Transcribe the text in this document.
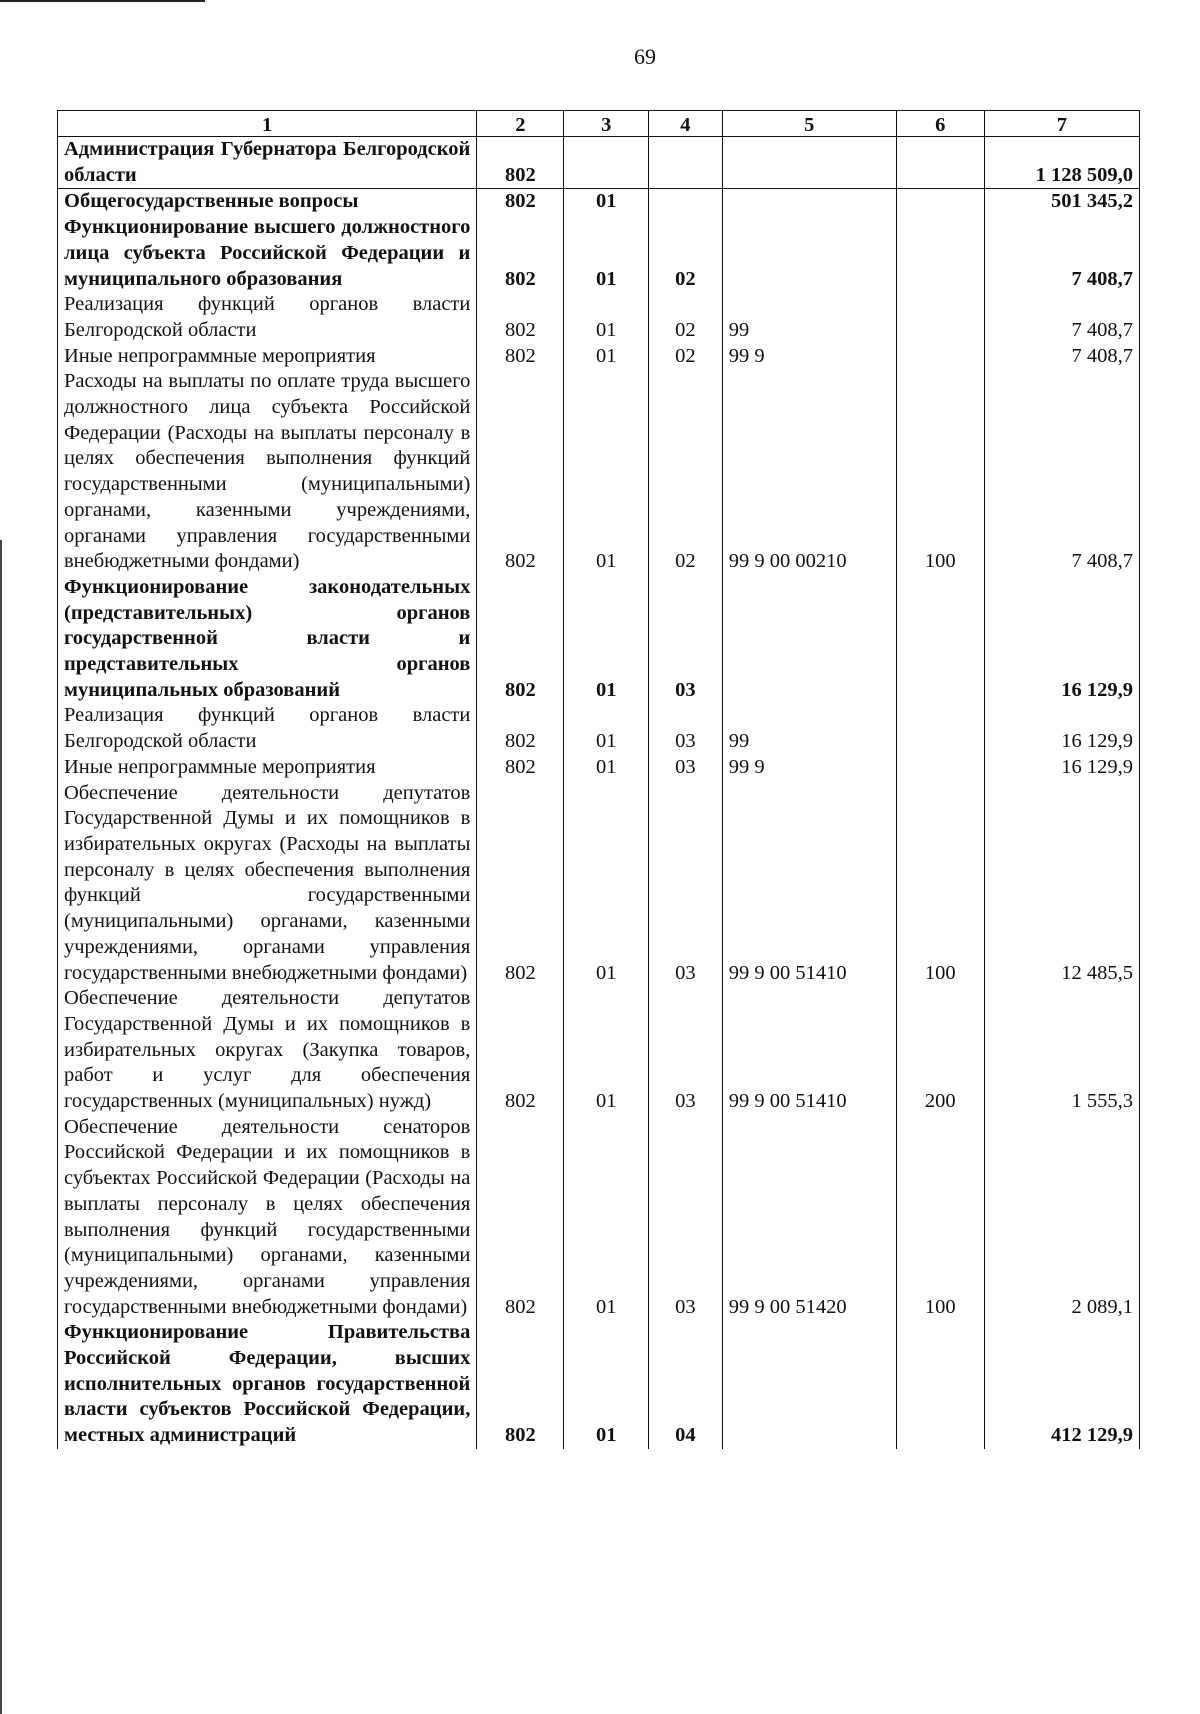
69
1	2	3	4	5	6	7
Администрация Губернатора Белгородской области	802					1 128 509,0
Общегосударственные вопросы	802	01				501 345,2
Функционирование высшего должностного лица субъекта Российской Федерации и муниципального образования	802	01	02			7 408,7
Реализация функций органов власти Белгородской области	802	01	02	99		7 408,7
Иные непрограммные мероприятия	802	01	02	99 9		7 408,7
Расходы на выплаты по оплате труда высшего должностного лица субъекта Российской Федерации (Расходы на выплаты персоналу в целях обеспечения выполнения функций государственными (муниципальными) органами, казенными учреждениями, органами управления государственными внебюджетными фондами)	802	01	02	99 9 00 00210	100	7 408,7
Функционирование законодательных (представительных) органов государственной власти и представительных органов муниципальных образований	802	01	03			16 129,9
Реализация функций органов власти Белгородской области	802	01	03	99		16 129,9
Иные непрограммные мероприятия	802	01	03	99 9		16 129,9
Обеспечение деятельности депутатов Государственной Думы и их помощников в избирательных округах (Расходы на выплаты персоналу в целях обеспечения выполнения функций государственными (муниципальными) органами, казенными учреждениями, органами управления государственными внебюджетными фондами)	802	01	03	99 9 00 51410	100	12 485,5
Обеспечение деятельности депутатов Государственной Думы и их помощников в избирательных округах (Закупка товаров, работ и услуг для обеспечения государственных (муниципальных) нужд)	802	01	03	99 9 00 51410	200	1 555,3
Обеспечение деятельности сенаторов Российской Федерации и их помощников в субъектах Российской Федерации (Расходы на выплаты персоналу в целях обеспечения выполнения функций государственными (муниципальными) органами, казенными учреждениями, органами управления государственными внебюджетными фондами)	802	01	03	99 9 00 51420	100	2 089,1
Функционирование Правительства Российской Федерации, высших исполнительных органов государственной власти субъектов Российской Федерации, местных администраций	802	01	04			412 129,9
